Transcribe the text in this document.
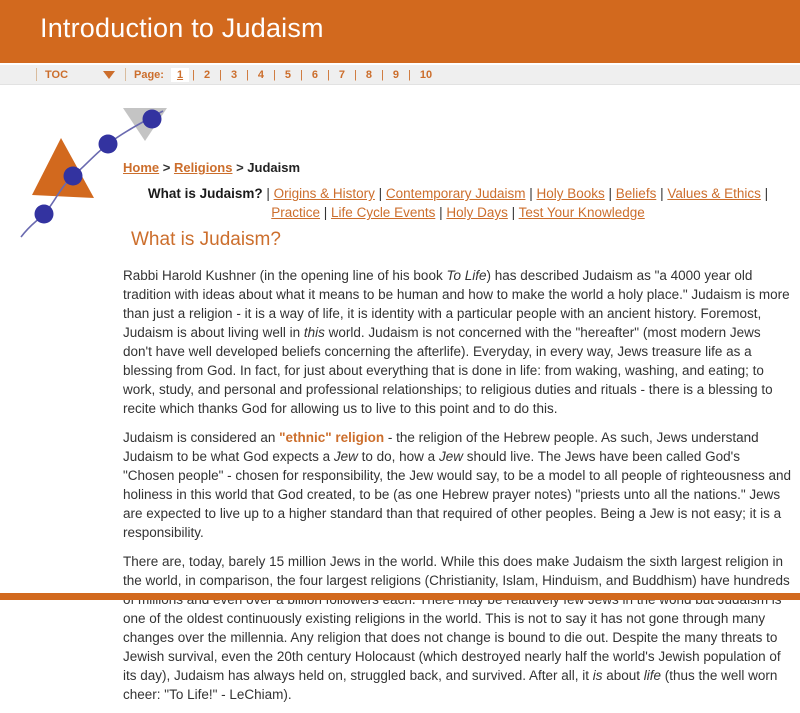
Introduction to Judaism
TOC	Page:	1 | 2 | 3 | 4 | 5 | 6 | 7 | 8 | 9 | 10
Home > Religions > Judaism

What is Judaism? | Origins & History | Contemporary Judaism | Holy Books | Beliefs | Values & Ethics | Practice | Life Cycle Events | Holy Days | Test Your Knowledge

What is Judaism?

Rabbi Harold Kushner (in the opening line of his book To Life) has described Judaism as "a 4000 year old tradition with ideas about what it means to be human and how to make the world a holy place." Judaism is more than just a religion - it is a way of life, it is identity with a particular people with an ancient history. Foremost, Judaism is about living well in this world. Judaism is not concerned with the "hereafter" (most modern Jews don't have well developed beliefs concerning the afterlife). Everyday, in every way, Jews treasure life as a blessing from God. In fact, for just about everything that is done in life: from waking, washing, and eating; to work, study, and personal and professional relationships; to religious duties and rituals - there is a blessing to recite which thanks God for allowing us to live to this point and to do this.

Judaism is considered an "ethnic" religion - the religion of the Hebrew people. As such, Jews understand Judaism to be what God expects a Jew to do, how a Jew should live. The Jews have been called God's "Chosen people" - chosen for responsibility, the Jew would say, to be a model to all people of righteousness and holiness in this world that God created, to be (as one Hebrew prayer notes) "priests unto all the nations." Jews are expected to live up to a higher standard than that required of other peoples. Being a Jew is not easy; it is a responsibility.

There are, today, barely 15 million Jews in the world. While this does make Judaism the sixth largest religion in the world, in comparison, the four largest religions (Christianity, Islam, Hinduism, and Buddhism) have hundreds one of the oldest continuously existing religions in the world. This is not to say it has not gone through many changes over the millennia. Any religion that does not change is bound to die out. Despite the many threats to Jewish survival, even the 20th century Holocaust (which destroyed nearly half the world's Jewish population of its day), Judaism has always held on, struggled back, and survived. After all, it is about life (thus the well worn cheer: "To Life!" - LeChiam).
